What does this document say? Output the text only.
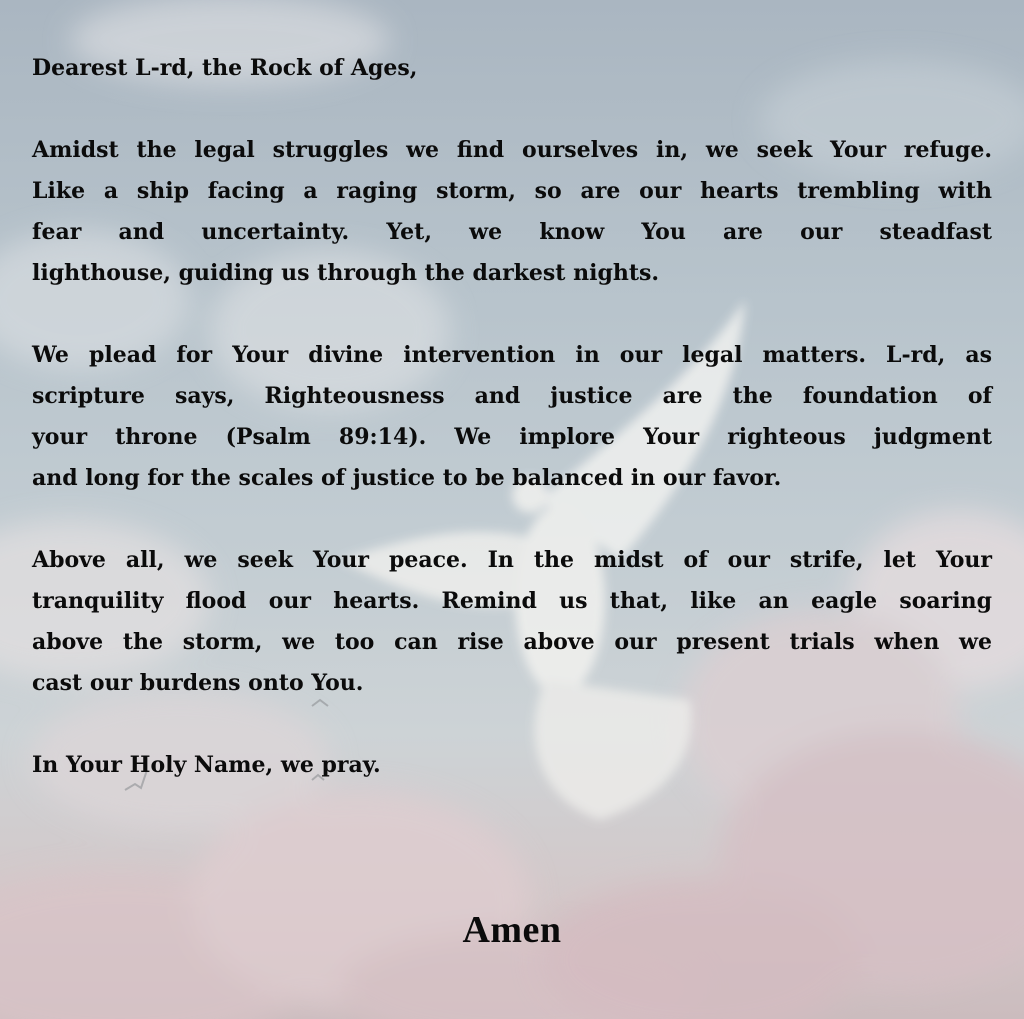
Dearest L-rd, the Rock of Ages,
Amidst the legal struggles we find ourselves in, we seek Your refuge.
Like a ship facing a raging storm, so are our hearts trembling with
fear and uncertainty. Yet, we know You are our steadfast
lighthouse, guiding us through the darkest nights.
We plead for Your divine intervention in our legal matters. L-rd, as
scripture says, Righteousness and justice are the foundation of
your throne (Psalm 89:14). We implore Your righteous judgment
and long for the scales of justice to be balanced in our favor.
Above all, we seek Your peace. In the midst of our strife, let Your
tranquility flood our hearts. Remind us that, like an eagle soaring
above the storm, we too can rise above our present trials when we
cast our burdens onto You.
In Your Holy Name, we pray.
Amen
